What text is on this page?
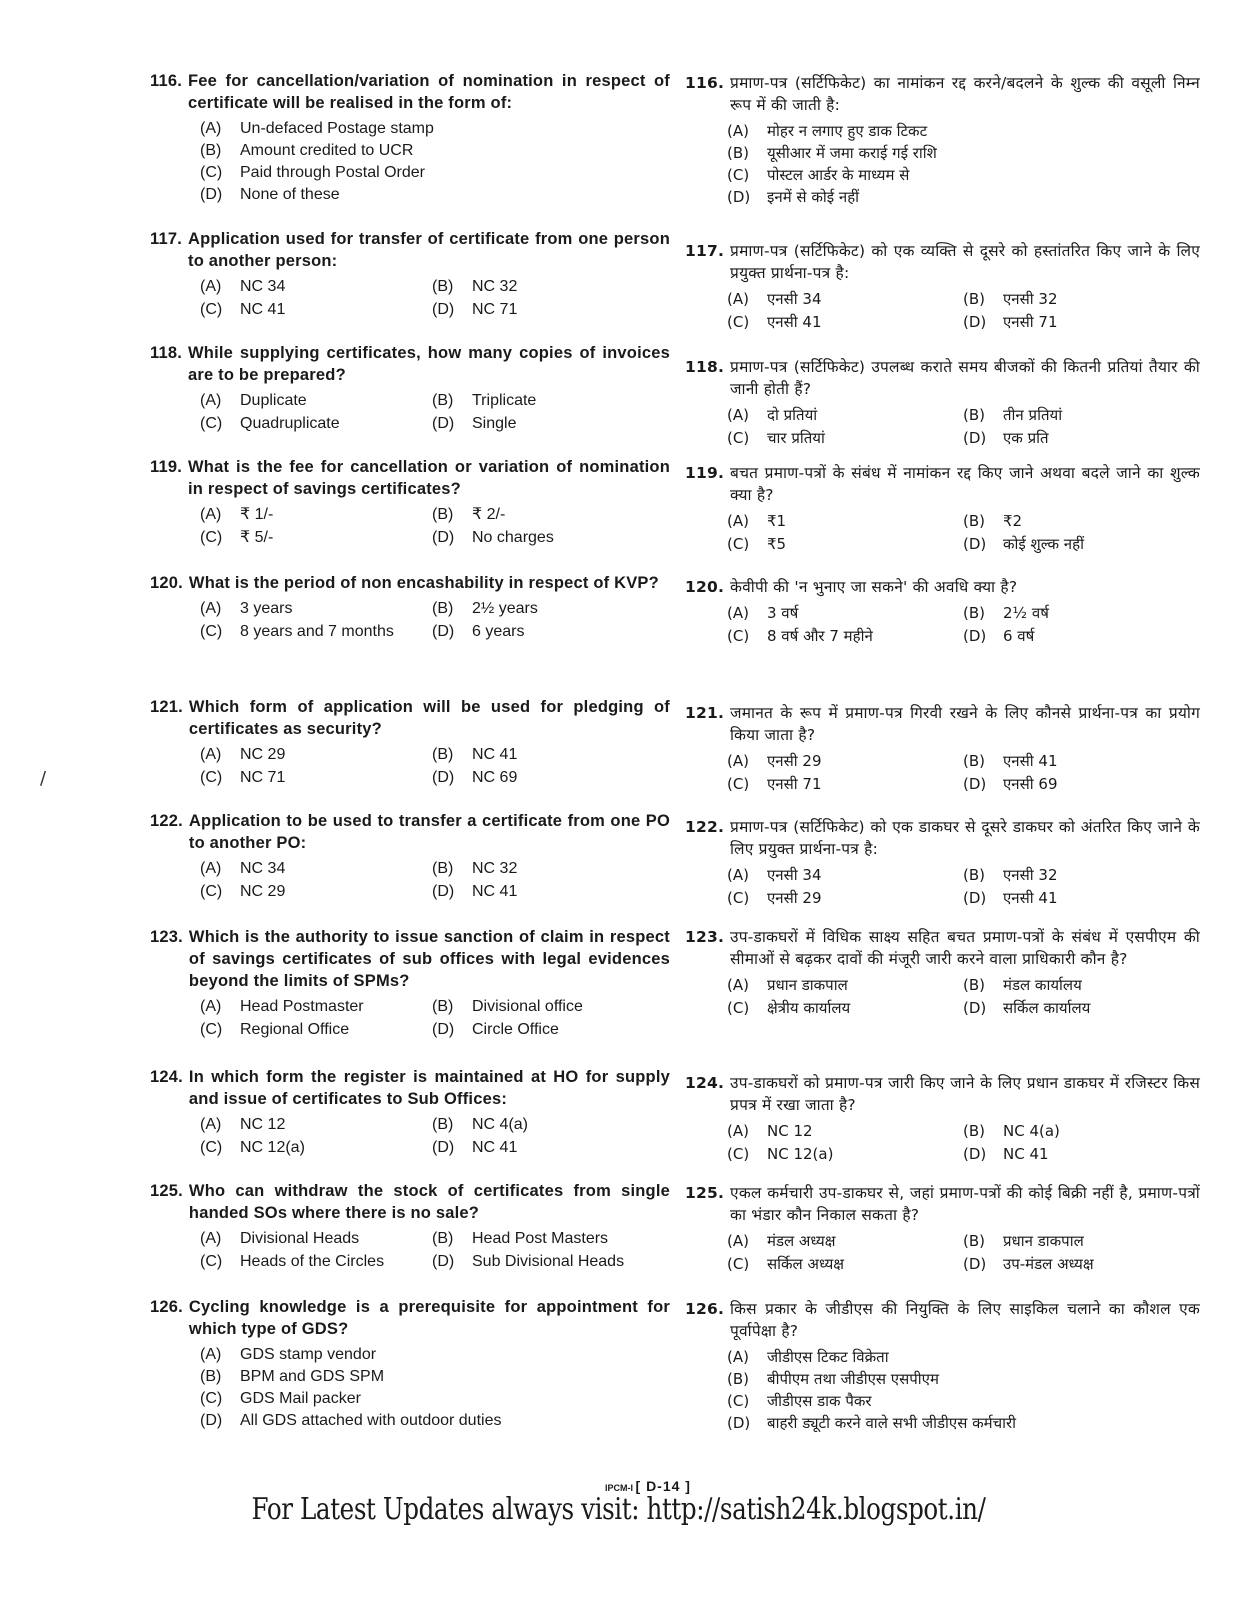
116. Fee for cancellation/variation of nomination in respect of certificate will be realised in the form of:
(A)	Un-defaced Postage stamp
(B)	Amount credited to UCR
(C)	Paid through Postal Order
(D)	None of these
117. Application used for transfer of certificate from one person to another person:
(A)	NC 34	(B)	NC 32
(C)	NC 41	(D)	NC 71
118. While supplying certificates, how many copies of invoices are to be prepared?
(A)	Duplicate	(B)	Triplicate
(C)	Quadruplicate	(D)	Single
119. What is the fee for cancellation or variation of nomination in respect of savings certificates?
(A)	₹ 1/-	(B)	₹ 2/-
(C)	₹ 5/-	(D)	No charges
120. What is the period of non encashability in respect of KVP?
(A)	3 years	(B)	2½ years
(C)	8 years and 7 months (D)	6 years
121. Which form of application will be used for pledging of certificates as security?
(A)	NC 29	(B)	NC 41
(C)	NC 71	(D)	NC 69
122. Application to be used to transfer a certificate from one PO to another PO:
(A)	NC 34	(B)	NC 32
(C)	NC 29	(D)	NC 41
123. Which is the authority to issue sanction of claim in respect of savings certificates of sub offices with legal evidences beyond the limits of SPMs?
(A)	Head Postmaster	(B)	Divisional office
(C)	Regional Office	(D)	Circle Office
124. In which form the register is maintained at HO for supply and issue of certificates to Sub Offices:
(A)	NC 12	(B)	NC 4(a)
(C)	NC 12(a)	(D)	NC 41
125. Who can withdraw the stock of certificates from single handed SOs where there is no sale?
(A)	Divisional Heads	(B)	Head Post Masters
(C)	Heads of the Circles	(D)	Sub Divisional Heads
126. Cycling knowledge is a prerequisite for appointment for which type of GDS?
(A)	GDS stamp vendor
(B)	BPM and GDS SPM
(C)	GDS Mail packer
(D)	All GDS attached with outdoor duties
116. प्रमाण-पत्र (सर्टिफिकेट) का नामांकन रद्द करने/बदलने के शुल्क की वसूली निम्न रूप में की जाती है:
(A)	मोहर न लगाए हुए डाक टिकट
(B)	यूसीआर में जमा कराई गई राशि
(C)	पोस्टल आर्डर के माध्यम से
(D)	इनमें से कोई नहीं
117. प्रमाण-पत्र (सर्टिफिकेट) को एक व्यक्ति से दूसरे को हस्तांतरित किए जाने के लिए प्रयुक्त प्रार्थना-पत्र है:
(A)	एनसी 34	(B)	एनसी 32
(C)	एनसी 41	(D)	एनसी 71
118. प्रमाण-पत्र (सर्टिफिकेट) उपलब्ध कराते समय बीजकों की कितनी प्रतियां तैयार की जानी होती हैं?
(A)	दो प्रतियां	(B)	तीन प्रतियां
(C)	चार प्रतियां	(D)	एक प्रति
119. बचत प्रमाण-पत्रों के संबंध में नामांकन रद्द किए जाने अथवा बदले जाने का शुल्क क्या है?
(A)	₹1	(B)	₹2
(C)	₹5	(D)	कोई शुल्क नहीं
120. केवीपी की 'न भुनाए जा सकने' की अवधि क्या है?
(A)	3 वर्ष	(B)	2½ वर्ष
(C)	8 वर्ष और 7 महीने	(D)	6 वर्ष
121. जमानत के रूप में प्रमाण-पत्र गिरवी रखने के लिए कौनसे प्रार्थना-पत्र का प्रयोग किया जाता है?
(A)	एनसी 29	(B)	एनसी 41
(C)	एनसी 71	(D)	एनसी 69
122. प्रमाण-पत्र (सर्टिफिकेट) को एक डाकघर से दूसरे डाकघर को अंतरित किए जाने के लिए प्रयुक्त प्रार्थना-पत्र है:
(A)	एनसी 34	(B)	एनसी 32
(C)	एनसी 29	(D)	एनसी 41
123. उप-डाकघरों में विधिक साक्ष्य सहित बचत प्रमाण-पत्रों के संबंध में एसपीएम की सीमाओं से बढ़कर दावों की मंजूरी जारी करने वाला प्राधिकारी कौन है?
(A)	प्रधान डाकपाल	(B)	मंडल कार्यालय
(C)	क्षेत्रीय कार्यालय	(D)	सर्किल कार्यालय
124. उप-डाकघरों को प्रमाण-पत्र जारी किए जाने के लिए प्रधान डाकघर में रजिस्टर किस प्रपत्र में रखा जाता है?
(A)	NC 12	(B)	NC 4(a)
(C)	NC 12(a)	(D)	NC 41
125. एकल कर्मचारी उप-डाकघर से, जहां प्रमाण-पत्रों की कोई बिक्री नहीं है, प्रमाण-पत्रों का भंडार कौन निकाल सकता है?
(A)	मंडल अध्यक्ष	(B)	प्रधान डाकपाल
(C)	सर्किल अध्यक्ष	(D)	उप-मंडल अध्यक्ष
126. किस प्रकार के जीडीएस की नियुक्ति के लिए साइकिल चलाने का कौशल एक पूर्वापेक्षा है?
(A)	जीडीएस टिकट विक्रेता
(B)	बीपीएम तथा जीडीएस एसपीएम
(C)	जीडीएस डाक पैकर
(D)	बाहरी ड्यूटी करने वाले सभी जीडीएस कर्मचारी
/
IPCM-I [ D-14 ]
For Latest Updates always visit: http://satish24k.blogspot.in/
